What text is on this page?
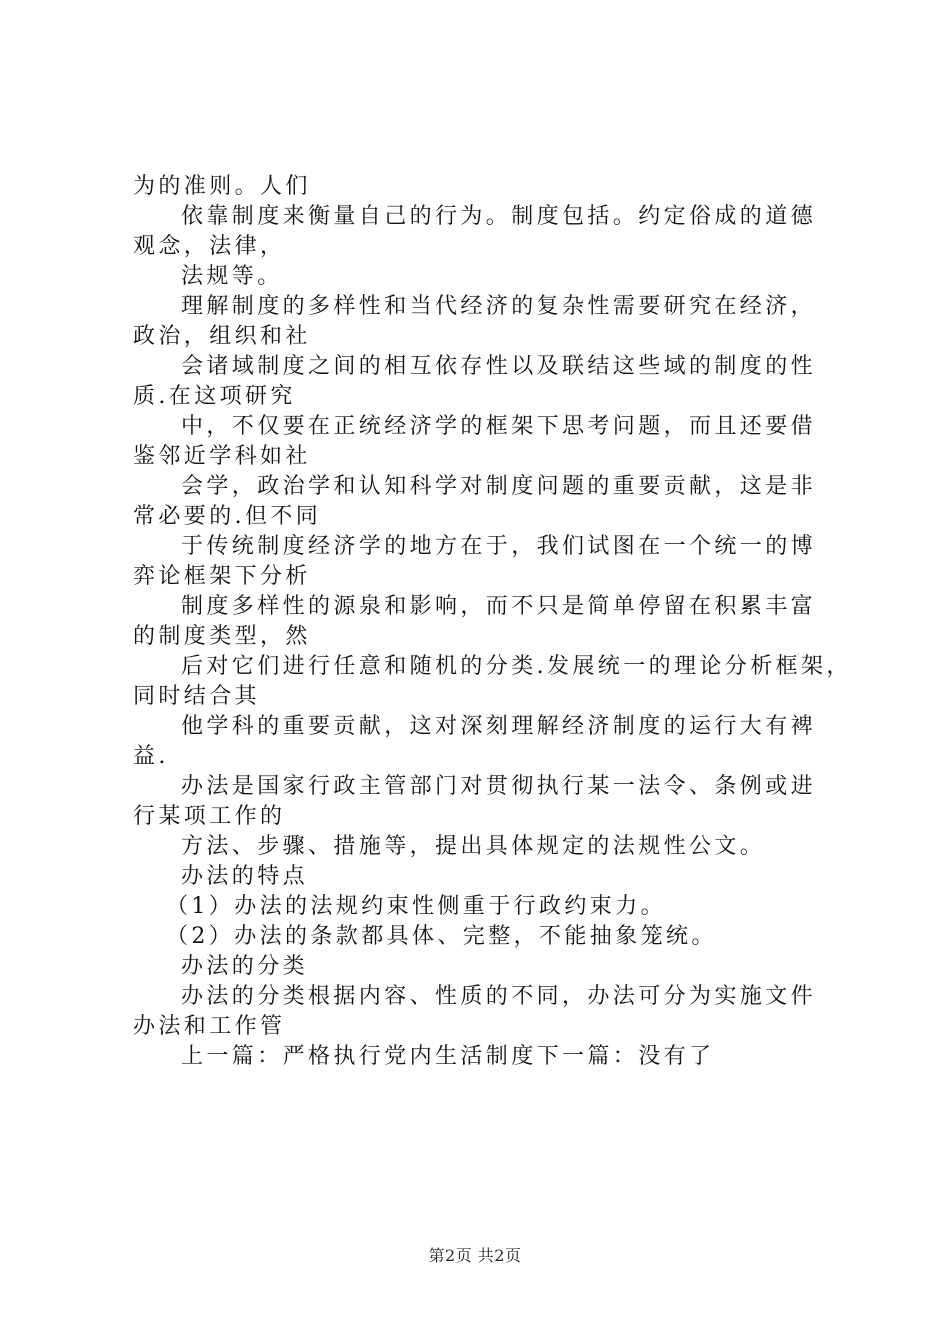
为的准则。人们
依靠制度来衡量自己的行为。制度包括。约定俗成的道德
观念，法律，
法规等。
理解制度的多样性和当代经济的复杂性需要研究在经济，
政治，组织和社
会诸域制度之间的相互依存性以及联结这些域的制度的性
质.在这项研究
中，不仅要在正统经济学的框架下思考问题，而且还要借
鉴邻近学科如社
会学，政治学和认知科学对制度问题的重要贡献，这是非
常必要的.但不同
于传统制度经济学的地方在于，我们试图在一个统一的博
弈论框架下分析
制度多样性的源泉和影响，而不只是简单停留在积累丰富
的制度类型，然
后对它们进行任意和随机的分类.发展统一的理论分析框架，
同时结合其
他学科的重要贡献，这对深刻理解经济制度的运行大有裨
益.
办法是国家行政主管部门对贯彻执行某一法令、条例或进
行某项工作的
方法、步骤、措施等，提出具体规定的法规性公文。
办法的特点
（1）办法的法规约束性侧重于行政约束力。
（2）办法的条款都具体、完整，不能抽象笼统。
办法的分类
办法的分类根据内容、性质的不同，办法可分为实施文件
办法和工作管
上一篇：严格执行党内生活制度下一篇：没有了
第2页 共2页
